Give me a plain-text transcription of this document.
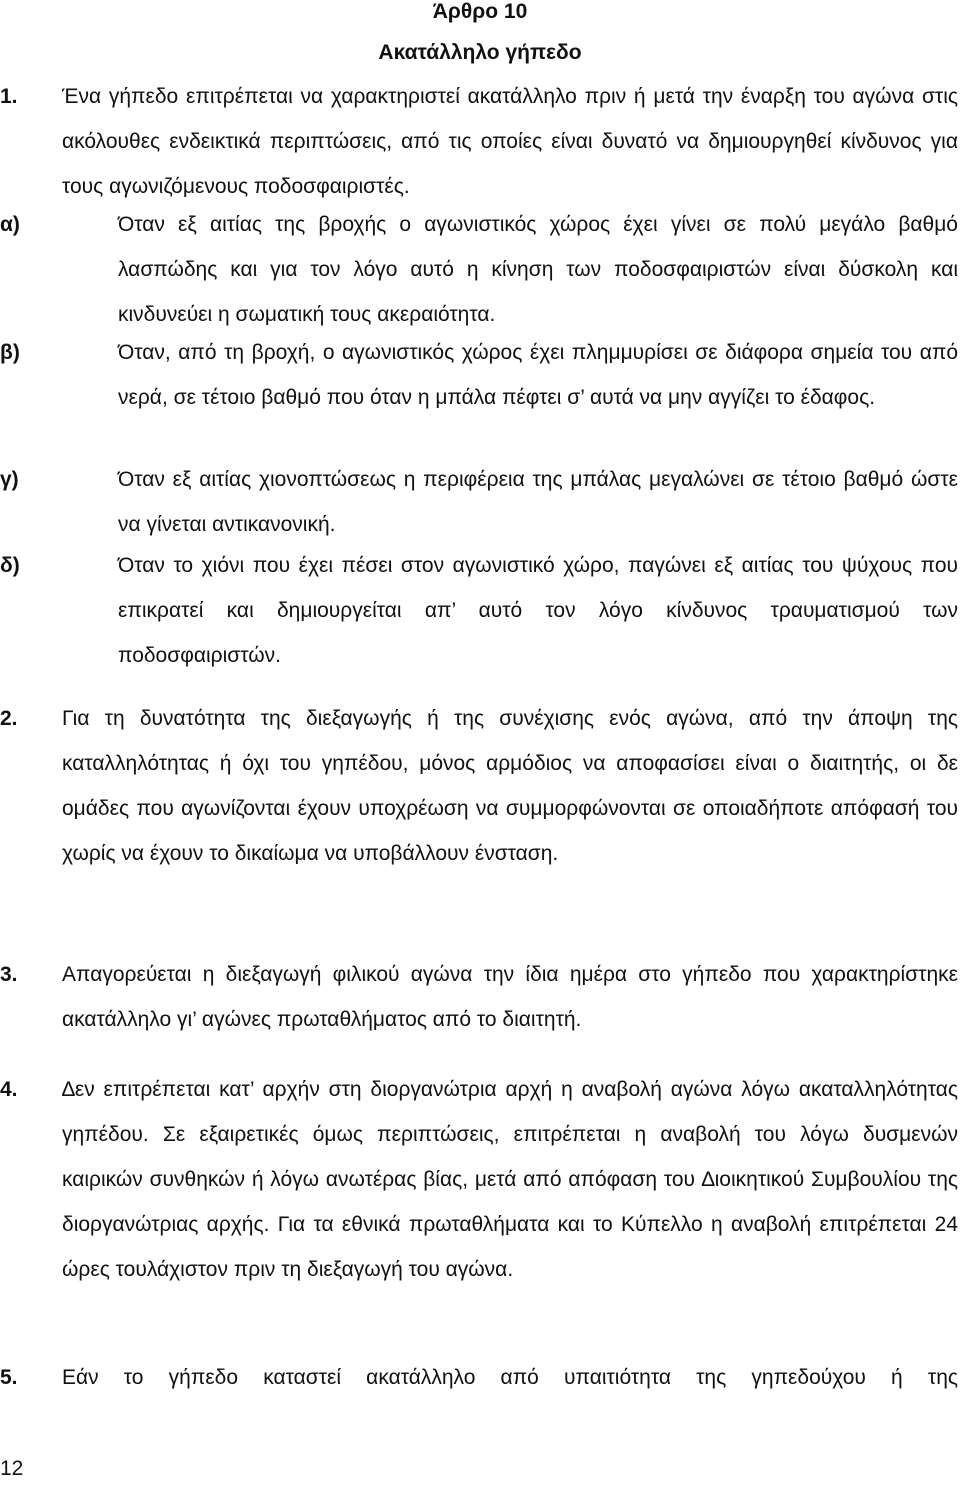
Άρθρο 10
Ακατάλληλο γήπεδο
1. Ένα γήπεδο επιτρέπεται να χαρακτηριστεί ακατάλληλο πριν ή μετά την έναρξη του αγώνα στις ακόλουθες ενδεικτικά περιπτώσεις, από τις οποίες είναι δυνατό να δημιουργηθεί κίνδυνος για τους αγωνιζόμενους ποδοσφαιριστές.

α)	Όταν εξ αιτίας της βροχής ο αγωνιστικός χώρος έχει γίνει σε πολύ μεγάλο βαθμό λασπώδης και για τον λόγο αυτό η κίνηση των ποδοσφαιριστών είναι δύσκολη και κινδυνεύει η σωματική τους ακεραιότητα.

β)	Όταν, από τη βροχή, ο αγωνιστικός χώρος έχει πλημμυρίσει σε διάφορα σημεία του από νερά, σε τέτοιο βαθμό που όταν η μπάλα πέφτει σ’ αυτά να μην αγγίζει το έδαφος.

γ)	Όταν εξ αιτίας χιονοπτώσεως η περιφέρεια της μπάλας μεγαλώνει σε τέτοιο βαθμό ώστε να γίνεται αντικανονική.

δ)	Όταν το χιόνι που έχει πέσει στον αγωνιστικό χώρο, παγώνει εξ αιτίας του ψύχους που επικρατεί και δημιουργείται απ’ αυτό τον λόγο κίνδυνος τραυματισμού των ποδοσφαιριστών.

2. Για τη δυνατότητα της διεξαγωγής ή της συνέχισης ενός αγώνα, από την άποψη της καταλληλότητας ή όχι του γηπέδου, μόνος αρμόδιος να αποφασίσει είναι ο διαιτητής, οι δε ομάδες που αγωνίζονται έχουν υποχρέωση να συμμορφώνονται σε οποιαδήποτε απόφασή του χωρίς να έχουν το δικαίωμα να υποβάλλουν ένσταση.

3. Απαγορεύεται η διεξαγωγή φιλικού αγώνα την ίδια ημέρα στο γήπεδο που χαρακτηρίστηκε ακατάλληλο γι’ αγώνες πρωταθλήματος από το διαιτητή.

4. ∆εν επιτρέπεται κατ’ αρχήν στη διοργανώτρια αρχή η αναβολή αγώνα λόγω ακαταλληλότητας γηπέδου. Σε εξαιρετικές όμως περιπτώσεις, επιτρέπεται η αναβολή του λόγω δυσμενών καιρικών συνθηκών ή λόγω ανωτέρας βίας, μετά από απόφαση του ∆ιοικητικού Συμβουλίου της διοργανώτριας αρχής. Για τα εθνικά πρωταθλήματα και το Κύπελλο η αναβολή επιτρέπεται 24 ώρες τουλάχιστον πριν τη διεξαγωγή του αγώνα.

5. Εάν το γήπεδο καταστεί ακατάλληλο από υπαιτιότητα της γηπεδούχου ή της

12
